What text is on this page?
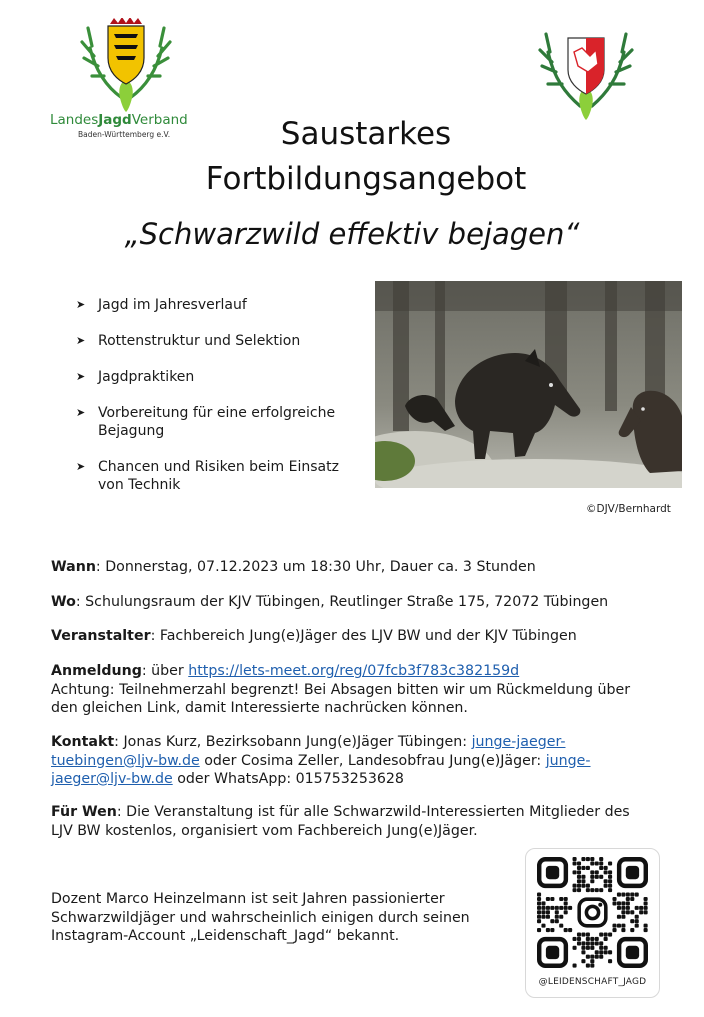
LandesJagdVerband
Baden-Württemberg e.V.	Saustarkes
Fortbildungsangebot
„Schwarzwild effektiv bejagen“
➤ Jagd im Jahresverlauf
➤ Rottenstruktur und Selektion
➤ Jagdpraktiken
➤ Vorbereitung für eine erfolgreiche
Bejagung
➤ Chancen und Risiken beim Einsatz
von Technik
©DJV/Bernhardt
Wann: Donnerstag, 07.12.2023 um 18:30 Uhr, Dauer ca. 3 Stunden
Wo: Schulungsraum der KJV Tübingen, Reutlinger Straße 175, 72072 Tübingen
Veranstalter: Fachbereich Jung(e)Jäger des LJV BW und der KJV Tübingen
Anmeldung: über https://lets-meet.org/reg/07fcb3f783c382159d
Achtung: Teilnehmerzahl begrenzt! Bei Absagen bitten wir um Rückmeldung über den gleichen Link, damit Interessierte nachrücken können.
Kontakt: Jonas Kurz, Bezirksobann Jung(e)Jäger Tübingen: junge-jaeger-tuebingen@ljv-bw.de oder Cosima Zeller, Landesobfrau Jung(e)Jäger: junge-jaeger@ljv-bw.de oder WhatsApp: 015753253628
Für Wen: Die Veranstaltung ist für alle Schwarzwild-Interessierten Mitglieder des LJV BW kostenlos, organisiert vom Fachbereich Jung(e)Jäger.
Dozent Marco Heinzelmann ist seit Jahren passionierter Schwarzwildjäger und wahrscheinlich einigen durch seinen Instagram-Account „Leidenschaft_Jagd“ bekannt.
@LEIDENSCHAFT_JAGD
